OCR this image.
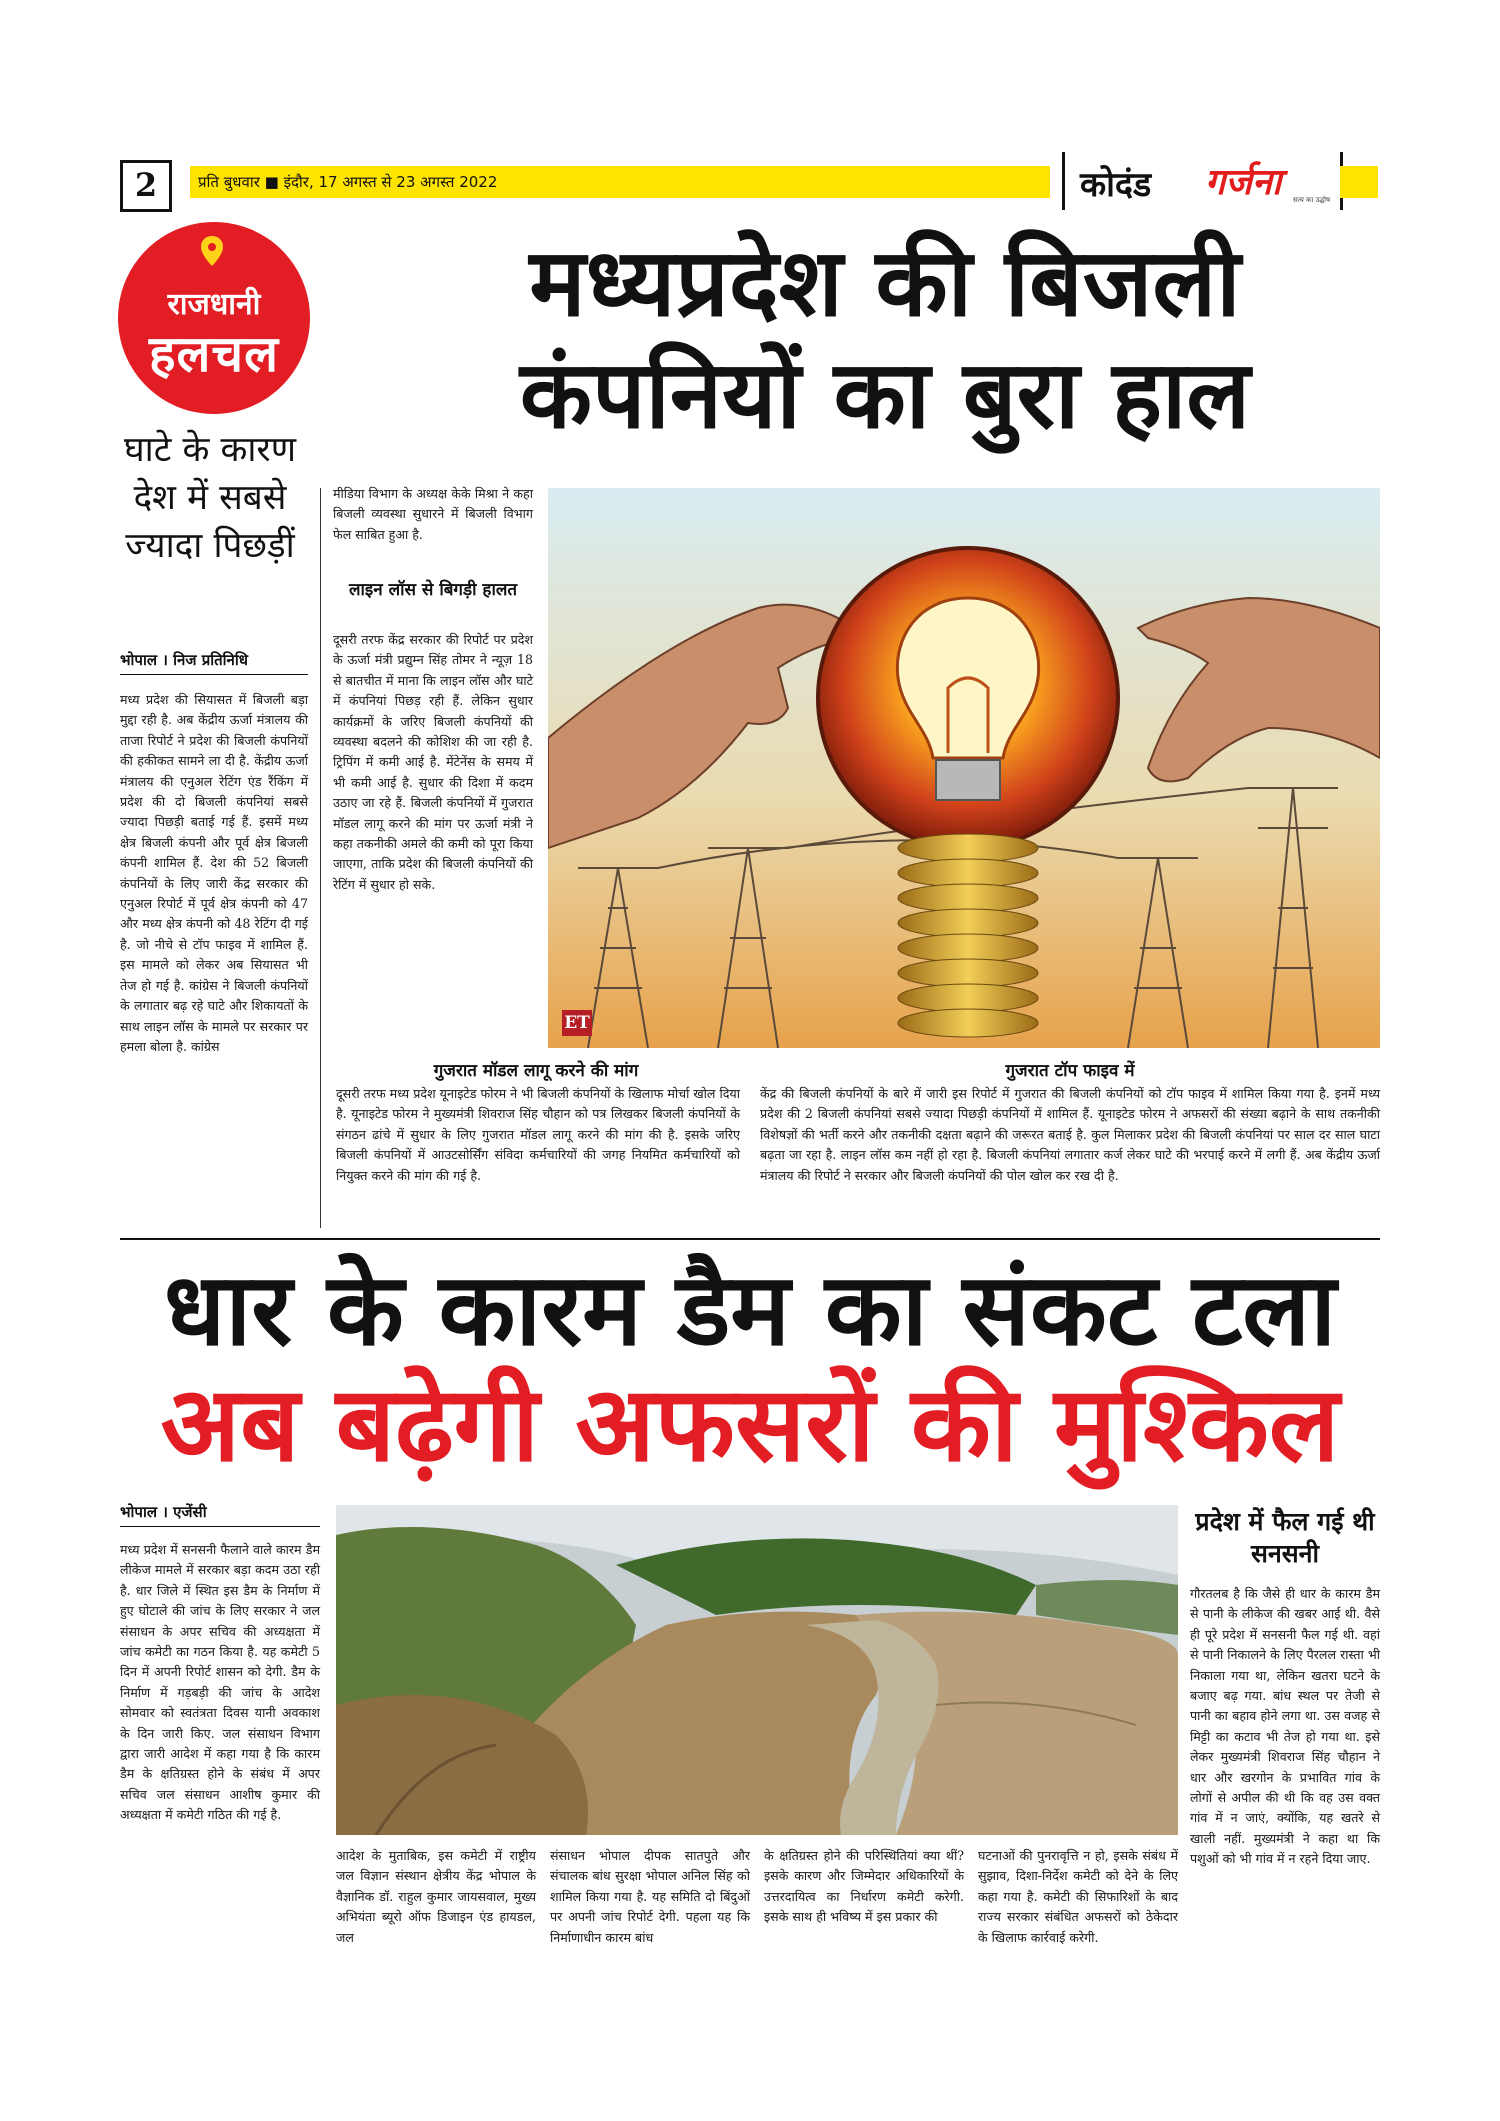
2	प्रति बुधवार ■ इंदौर, 17 अगस्त से 23 अगस्त 2022	कोदंड गर्जना सत्य का उद्घोष
राजधानी
हलचल
मध्यप्रदेश की बिजली कंपनियों का बुरा हाल
घाटे के कारण देश में सबसे ज्यादा पिछड़ीं
भोपाल । निज प्रतिनिधि
मध्य प्रदेश की सियासत में बिजली बड़ा मुद्दा रही है. अब केंद्रीय ऊर्जा मंत्रालय की ताजा रिपोर्ट ने प्रदेश की बिजली कंपनियों की हकीकत सामने ला दी है. केंद्रीय ऊर्जा मंत्रालय की एनुअल रेटिंग एंड रैंकिंग में प्रदेश की दो बिजली कंपनियां सबसे ज्यादा पिछड़ी बताई गई हैं. इसमें मध्य क्षेत्र बिजली कंपनी और पूर्व क्षेत्र बिजली कंपनी शामिल हैं. देश की 52 बिजली कंपनियों के लिए जारी केंद्र सरकार की एनुअल रिपोर्ट में पूर्व क्षेत्र कंपनी को 47 और मध्य क्षेत्र कंपनी को 48 रेटिंग दी गई है. जो नीचे से टॉप फाइव में शामिल हैं. इस मामले को लेकर अब सियासत भी तेज हो गई है. कांग्रेस ने बिजली कंपनियों के लगातार बढ़ रहे घाटे और शिकायतों के साथ लाइन लॉस के मामले पर सरकार पर हमला बोला है. कांग्रेस
मीडिया विभाग के अध्यक्ष केके मिश्रा ने कहा बिजली व्यवस्था सुधारने में बिजली विभाग फेल साबित हुआ है.
लाइन लॉस से बिगड़ी हालत
दूसरी तरफ केंद्र सरकार की रिपोर्ट पर प्रदेश के ऊर्जा मंत्री प्रद्युम्न सिंह तोमर ने न्यूज़ 18 से बातचीत में माना कि लाइन लॉस और घाटे में कंपनियां पिछड़ रही हैं. लेकिन सुधार कार्यक्रमों के जरिए बिजली कंपनियों की व्यवस्था बदलने की कोशिश की जा रही है. ट्रिपिंग में कमी आई है. मेंटेनेंस के समय में भी कमी आई है. सुधार की दिशा में कदम उठाए जा रहे हैं. बिजली कंपनियों में गुजरात मॉडल लागू करने की मांग पर ऊर्जा मंत्री ने कहा तकनीकी अमले की कमी को पूरा किया जाएगा, ताकि प्रदेश की बिजली कंपनियों की रेटिंग में सुधार हो सके.
ET
गुजरात मॉडल लागू करने की मांग
दूसरी तरफ मध्य प्रदेश यूनाइटेड फोरम ने भी बिजली कंपनियों के खिलाफ मोर्चा खोल दिया है. यूनाइटेड फोरम ने मुख्यमंत्री शिवराज सिंह चौहान को पत्र लिखकर बिजली कंपनियों के संगठन ढांचे में सुधार के लिए गुजरात मॉडल लागू करने की मांग की है. इसके जरिए बिजली कंपनियों में आउटसोर्सिंग संविदा कर्मचारियों की जगह नियमित कर्मचारियों को नियुक्त करने की मांग की गई है.
गुजरात टॉप फाइव में
केंद्र की बिजली कंपनियों के बारे में जारी इस रिपोर्ट में गुजरात की बिजली कंपनियों को टॉप फाइव में शामिल किया गया है. इनमें मध्य प्रदेश की 2 बिजली कंपनियां सबसे ज्यादा पिछड़ी कंपनियों में शामिल हैं. यूनाइटेड फोरम ने अफसरों की संख्या बढ़ाने के साथ तकनीकी विशेषज्ञों की भर्ती करने और तकनीकी दक्षता बढ़ाने की जरूरत बताई है. कुल मिलाकर प्रदेश की बिजली कंपनियां पर साल दर साल घाटा बढ़ता जा रहा है. लाइन लॉस कम नहीं हो रहा है. बिजली कंपनियां लगातार कर्ज लेकर घाटे की भरपाई करने में लगी हैं. अब केंद्रीय ऊर्जा मंत्रालय की रिपोर्ट ने सरकार और बिजली कंपनियों की पोल खोल कर रख दी है.
धार के कारम डैम का संकट टला
अब बढ़ेगी अफसरों की मुश्किल
भोपाल । एजेंसी
मध्य प्रदेश में सनसनी फैलाने वाले कारम डैम लीकेज मामले में सरकार बड़ा कदम उठा रही है. धार जिले में स्थित इस डैम के निर्माण में हुए घोटाले की जांच के लिए सरकार ने जल संसाधन के अपर सचिव की अध्यक्षता में जांच कमेटी का गठन किया है. यह कमेटी 5 दिन में अपनी रिपोर्ट शासन को देगी. डैम के निर्माण में गड़बड़ी की जांच के आदेश सोमवार को स्वतंत्रता दिवस यानी अवकाश के दिन जारी किए. जल संसाधन विभाग द्वारा जारी आदेश में कहा गया है कि कारम डैम के क्षतिग्रस्त होने के संबंध में अपर सचिव जल संसाधन आशीष कुमार की अध्यक्षता में कमेटी गठित की गई है.
आदेश के मुताबिक, इस कमेटी में राष्ट्रीय जल विज्ञान संस्थान क्षेत्रीय केंद्र भोपाल के वैज्ञानिक डॉ. राहुल कुमार जायसवाल, मुख्य अभियंता ब्यूरो ऑफ डिजाइन एंड हायडल, जल
संसाधन भोपाल दीपक सातपुते और संचालक बांध सुरक्षा भोपाल अनिल सिंह को शामिल किया गया है. यह समिति दो बिंदुओं पर अपनी जांच रिपोर्ट देगी. पहला यह कि निर्माणाधीन कारम बांध
के क्षतिग्रस्त होने की परिस्थितियां क्या थीं? इसके कारण और जिम्मेदार अधिकारियों के उत्तरदायित्व का निर्धारण कमेटी करेगी. इसके साथ ही भविष्य में इस प्रकार की
घटनाओं की पुनरावृत्ति न हो, इसके संबंध में सुझाव, दिशा-निर्देश कमेटी को देने के लिए कहा गया है. कमेटी की सिफारिशों के बाद राज्य सरकार संबंधित अफसरों को ठेकेदार के खिलाफ कार्रवाई करेगी.
प्रदेश में फैल गई थी सनसनी
गौरतलब है कि जैसे ही धार के कारम डैम से पानी के लीकेज की खबर आई थी. वैसे ही पूरे प्रदेश में सनसनी फैल गई थी. वहां से पानी निकालने के लिए पैरलल रास्ता भी निकाला गया था, लेकिन खतरा घटने के बजाए बढ़ गया. बांध स्थल पर तेजी से पानी का बहाव होने लगा था. उस वजह से मिट्टी का कटाव भी तेज हो गया था. इसे लेकर मुख्यमंत्री शिवराज सिंह चौहान ने धार और खरगोन के प्रभावित गांव के लोगों से अपील की थी कि वह उस वक्त गांव में न जाएं, क्योंकि, यह खतरे से खाली नहीं. मुख्यमंत्री ने कहा था कि पशुओं को भी गांव में न रहने दिया जाए.
